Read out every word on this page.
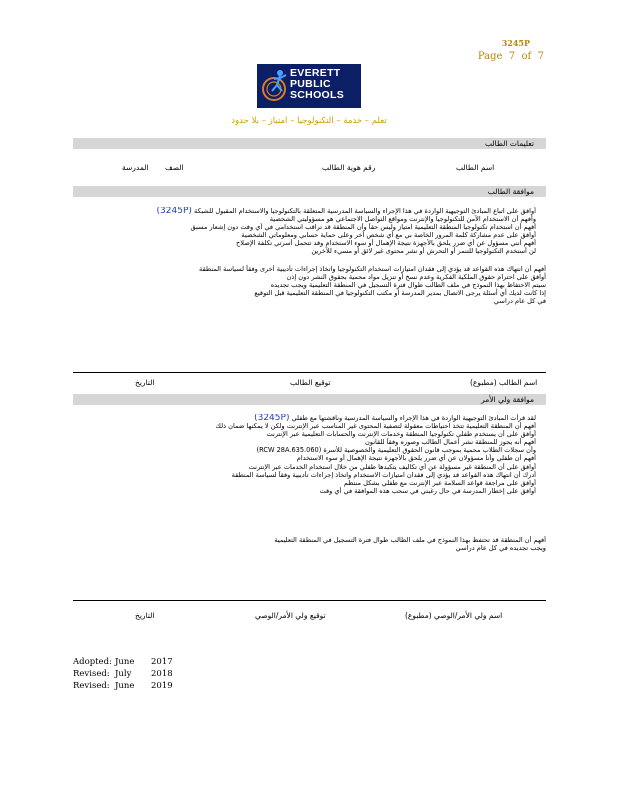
3245P
Page 7 of 7
EVERETT
PUBLIC
SCHOOLS
تعلم – خدمة – التكنولوجيا – امتياز – بلا حدود
تعليمات الطالب
اسم الطالب
رقم هوية الطالب
الصف
المدرسة
موافقة الطالب
• أوافق على اتباع المبادئ التوجيهية الواردة في هذا الإجراء والسياسة المدرسية المتعلقة بالتكنولوجيا والاستخدام المقبول للشبكة (3245P)
• وأفهم أن الاستخدام الآمن للتكنولوجيا والإنترنت ومواقع التواصل الاجتماعي هو مسؤوليتي الشخصية
• أفهم أن استخدام تكنولوجيا المنطقة التعليمية امتياز وليس حقاً وأن المنطقة قد تراقب استخدامي في أي وقت دون إشعار مسبق
• أوافق على عدم مشاركة كلمة المرور الخاصة بي مع أي شخص آخر وعلى حماية حسابي ومعلوماتي الشخصية
• أفهم أنني مسؤول عن أي ضرر يلحق بالأجهزة نتيجة الإهمال أو سوء الاستخدام وقد تتحمل أسرتي تكلفة الإصلاح
• لن أستخدم التكنولوجيا للتنمر أو التحرش أو نشر محتوى غير لائق أو مسيء للآخرين
أفهم أن انتهاك هذه القواعد قد يؤدي إلى فقدان امتيازات استخدام التكنولوجيا واتخاذ إجراءات تأديبية أخرى وفقاً لسياسة المنطقة
أوافق على احترام حقوق الملكية الفكرية وعدم نسخ أو تنزيل مواد محمية بحقوق النشر دون إذن
سيتم الاحتفاظ بهذا النموذج في ملف الطالب طوال فترة التسجيل في المنطقة التعليمية ويجب تجديده
إذا كانت لديك أي أسئلة يرجى الاتصال بمدير المدرسة أو مكتب التكنولوجيا في المنطقة التعليمية قبل التوقيع
في كل عام دراسي
اسم الطالب (مطبوع)
توقيع الطالب
التاريخ
موافقة ولي الأمر
• لقد قرأت المبادئ التوجيهية الواردة في هذا الإجراء والسياسة المدرسية وناقشتها مع طفلي (3245P)
• أفهم أن المنطقة التعليمية تتخذ احتياطات معقولة لتصفية المحتوى غير المناسب عبر الإنترنت ولكن لا يمكنها ضمان ذلك
• أوافق على أن يستخدم طفلي تكنولوجيا المنطقة وخدمات الإنترنت والحسابات التعليمية عبر الإنترنت
• أفهم أنه يجوز للمنطقة نشر أعمال الطالب وصوره وفقاً للقانون
• وأن سجلات الطلاب محمية بموجب قانون الحقوق التعليمية والخصوصية للأسرة (RCW 28A.635.060)
• أفهم أن طفلي وأنا مسؤولان عن أي ضرر يلحق بالأجهزة نتيجة الإهمال أو سوء الاستخدام
• أوافق على أن المنطقة غير مسؤولة عن أي تكاليف يتكبدها طفلي من خلال استخدام الخدمات عبر الإنترنت
• أدرك أن انتهاك هذه القواعد قد يؤدي إلى فقدان امتيازات الاستخدام واتخاذ إجراءات تأديبية وفقاً لسياسة المنطقة
• أوافق على مراجعة قواعد السلامة عبر الإنترنت مع طفلي بشكل منتظم
• أوافق على إخطار المدرسة في حال رغبتي في سحب هذه الموافقة في أي وقت
أفهم أن المنطقة قد تحتفظ بهذا النموذج في ملف الطالب طوال فترة التسجيل في المنطقة التعليمية
ويجب تجديده في كل عام دراسي
اسم ولي الأمر/الوصي (مطبوع)
توقيع ولي الأمر/الوصي
التاريخ
Adopted: June 2017
Revised: July 2018
Revised: June 2019
